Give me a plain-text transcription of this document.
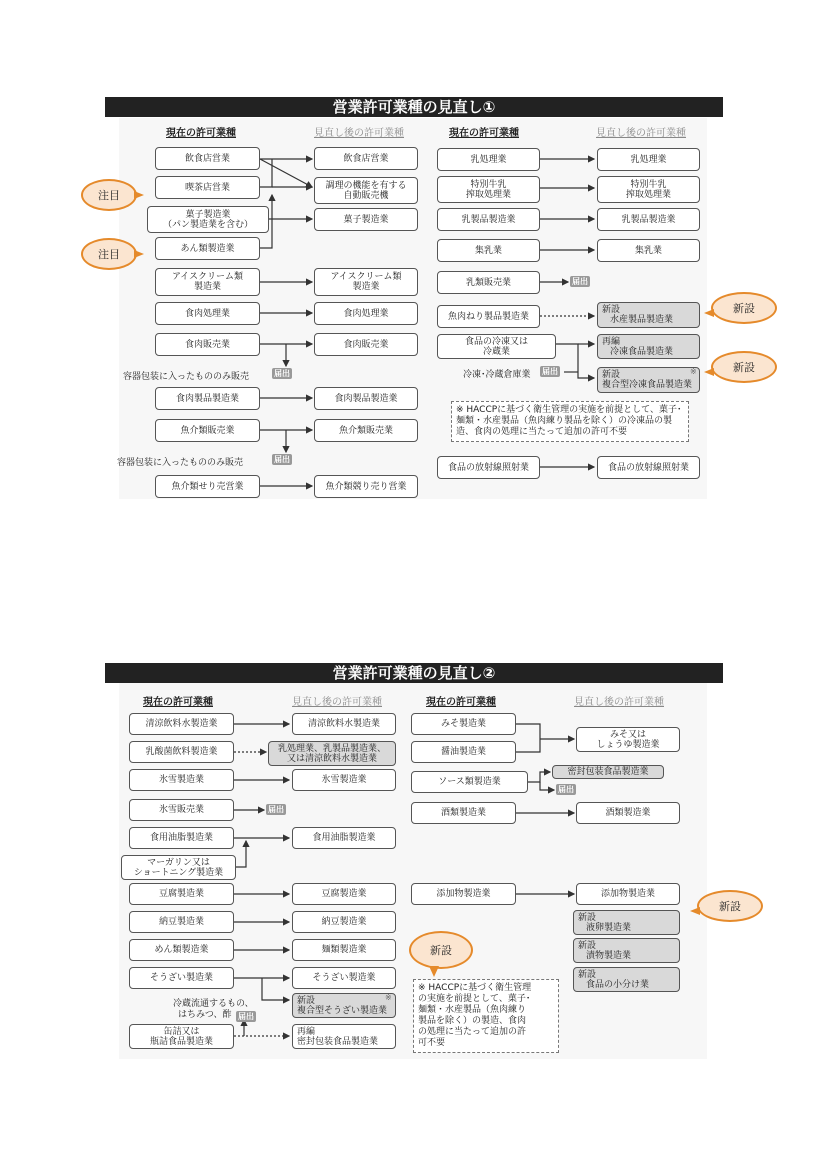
営業許可業種の見直し①
現在の許可業種	見直し後の許可業種	現在の許可業種	見直し後の許可業種
飲食店営業
喫茶店営業
菓子製造業
（パン製造業を含む）
あん類製造業
アイスクリーム類
製造業
食肉処理業
食肉販売業
容器包装に入ったもののみ販売	届出
食肉製品製造業
魚介類販売業
容器包装に入ったもののみ販売	届出
魚介類せり売営業
飲食店営業
調理の機能を有する
自動販売機
菓子製造業
アイスクリーム類
製造業
食肉処理業
食肉販売業
食肉製品製造業
魚介類販売業
魚介類競り売り営業
乳処理業
特別牛乳
搾取処理業
乳製品製造業
集乳業
乳類販売業	届出
魚肉ねり製品製造業
食品の冷凍又は
冷蔵業
冷凍･冷蔵倉庫業 届出
食品の放射線照射業
乳処理業
特別牛乳
搾取処理業
乳製品製造業
集乳業
新設
水産製品製造業
再編
冷凍食品製造業
新設
複合型冷凍食品製造業
※
食品の放射線照射業
※ HACCPに基づく衛生管理の実施を前提として、菓子･
麺類・水産製品（魚肉練り製品を除く）の冷凍品の製
造、食肉の処理に当たって追加の許可不要
注目
注目
新設
新設
営業許可業種の見直し②
現在の許可業種	見直し後の許可業種	現在の許可業種	見直し後の許可業種
清涼飲料水製造業
乳酸菌飲料製造業
氷雪製造業
氷雪販売業	届出
食用油脂製造業
マーガリン又は
ショートニング製造業
豆腐製造業
納豆製造業
めん類製造業
そうざい製造業
冷蔵流通するもの、
はちみつ、酢 届出
缶詰又は
瓶詰食品製造業
清涼飲料水製造業
乳処理業、乳製品製造業、
又は清涼飲料水製造業
氷雪製造業
食用油脂製造業
豆腐製造業
納豆製造業
麺類製造業
そうざい製造業
新設
複合型そうざい製造業
※
再編
密封包装食品製造業
みそ製造業
醤油製造業
ソース類製造業
酒類製造業
添加物製造業
みそ又は
しょうゆ製造業
密封包装食品製造業
届出
酒類製造業
添加物製造業
新設
液卵製造業
新設
漬物製造業
新設
食品の小分け業
※ HACCPに基づく衛生管理
の実施を前提として、菓子･
麺類・水産製品（魚肉練り
製品を除く）の製造、食肉
の処理に当たって追加の許
可不要
新設
新設
